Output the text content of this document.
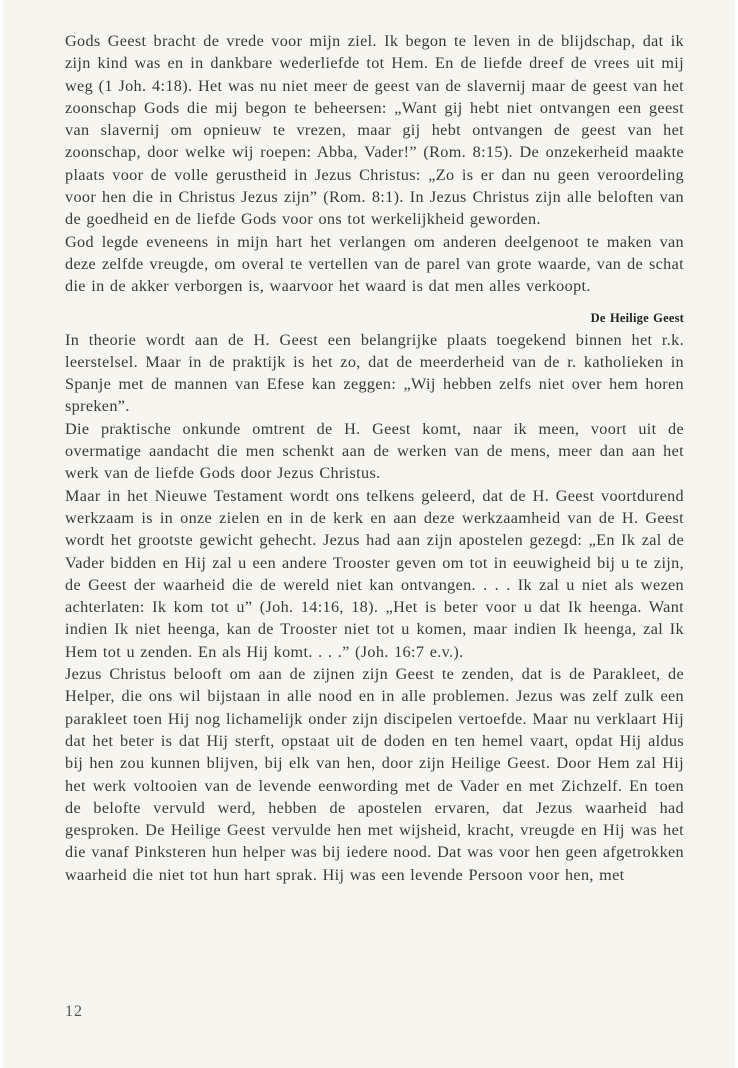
Gods Geest bracht de vrede voor mijn ziel. Ik begon te leven in de blijdschap, dat ik zijn kind was en in dankbare wederliefde tot Hem. En de liefde dreef de vrees uit mij weg (1 Joh. 4:18). Het was nu niet meer de geest van de slavernij maar de geest van het zoonschap Gods die mij begon te beheersen: „Want gij hebt niet ontvangen een geest van slavernij om opnieuw te vrezen, maar gij hebt ontvangen de geest van het zoonschap, door welke wij roepen: Abba, Vader!” (Rom. 8:15). De onzekerheid maakte plaats voor de volle gerustheid in Jezus Christus: „Zo is er dan nu geen veroordeling voor hen die in Christus Jezus zijn” (Rom. 8:1). In Jezus Christus zijn alle beloften van de goedheid en de liefde Gods voor ons tot werkelijkheid geworden.

God legde eveneens in mijn hart het verlangen om anderen deelgenoot te maken van deze zelfde vreugde, om overal te vertellen van de parel van grote waarde, van de schat die in de akker verborgen is, waarvoor het waard is dat men alles verkoopt.

De Heilige Geest

In theorie wordt aan de H. Geest een belangrijke plaats toegekend binnen het r.k. leerstelsel. Maar in de praktijk is het zo, dat de meerderheid van de r. katholieken in Spanje met de mannen van Efese kan zeggen: „Wij hebben zelfs niet over hem horen spreken”.

Die praktische onkunde omtrent de H. Geest komt, naar ik meen, voort uit de overmatige aandacht die men schenkt aan de werken van de mens, meer dan aan het werk van de liefde Gods door Jezus Christus.

Maar in het Nieuwe Testament wordt ons telkens geleerd, dat de H. Geest voortdurend werkzaam is in onze zielen en in de kerk en aan deze werkzaamheid van de H. Geest wordt het grootste gewicht gehecht. Jezus had aan zijn apostelen gezegd: „En Ik zal de Vader bidden en Hij zal u een andere Trooster geven om tot in eeuwigheid bij u te zijn, de Geest der waarheid die de wereld niet kan ontvangen. . . . Ik zal u niet als wezen achterlaten: Ik kom tot u” (Joh. 14:16, 18). „Het is beter voor u dat Ik heenga. Want indien Ik niet heenga, kan de Trooster niet tot u komen, maar indien Ik heenga, zal Ik Hem tot u zenden. En als Hij komt. . . .” (Joh. 16:7 e.v.).

Jezus Christus belooft om aan de zijnen zijn Geest te zenden, dat is de Parakleet, de Helper, die ons wil bijstaan in alle nood en in alle problemen. Jezus was zelf zulk een parakleet toen Hij nog lichamelijk onder zijn discipelen vertoefde. Maar nu verklaart Hij dat het beter is dat Hij sterft, opstaat uit de doden en ten hemel vaart, opdat Hij aldus bij hen zou kunnen blijven, bij elk van hen, door zijn Heilige Geest. Door Hem zal Hij het werk voltooien van de levende eenwording met de Vader en met Zichzelf. En toen de belofte vervuld werd, hebben de apostelen ervaren, dat Jezus waarheid had gesproken. De Heilige Geest vervulde hen met wijsheid, kracht, vreugde en Hij was het die vanaf Pinksteren hun helper was bij iedere nood. Dat was voor hen geen afgetrokken waarheid die niet tot hun hart sprak. Hij was een levende Persoon voor hen, met

12
